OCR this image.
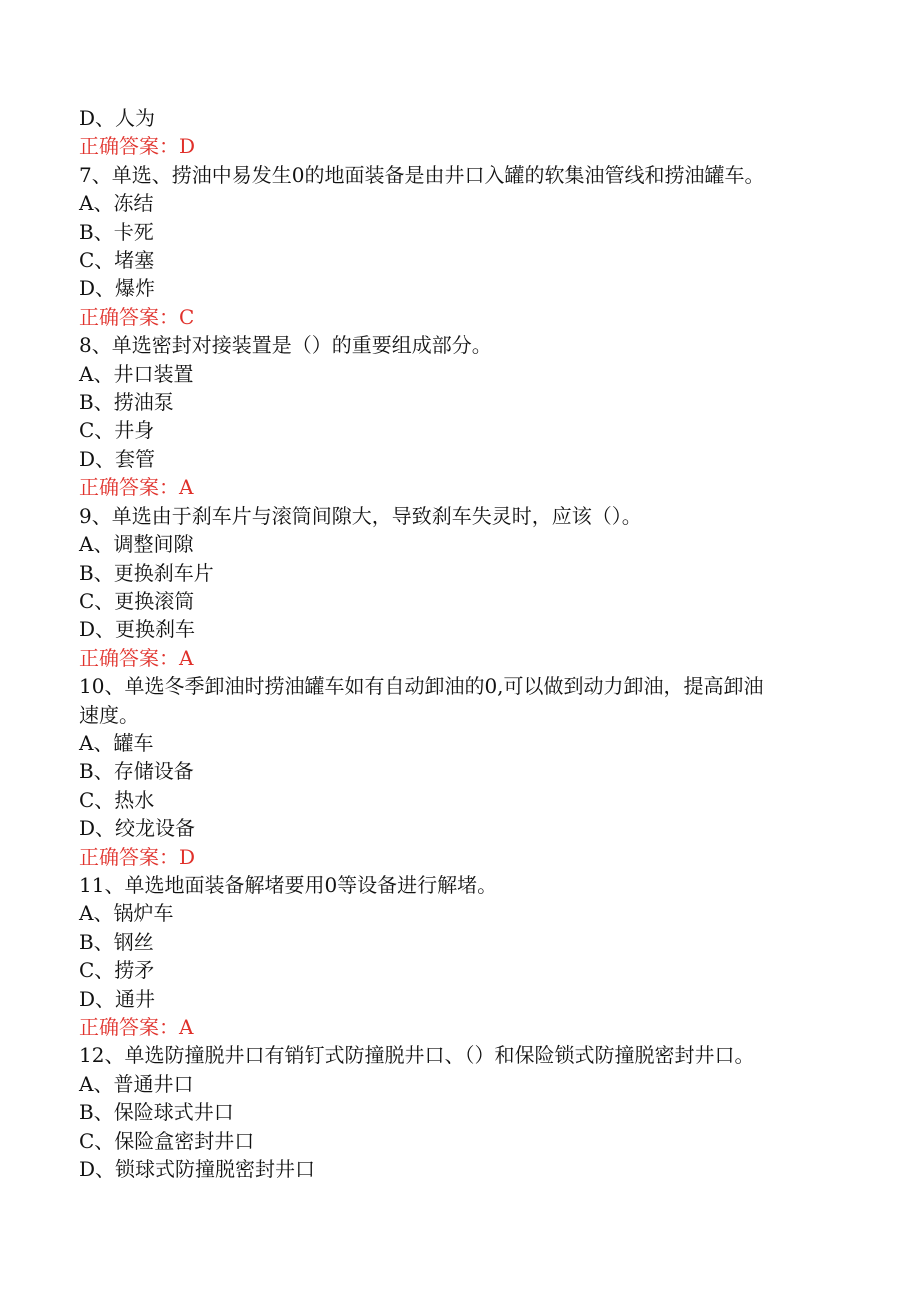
D、人为
正确答案：D
7、单选、捞油中易发生0的地面装备是由井口入罐的软集油管线和捞油罐车。
A、冻结
B、卡死
C、堵塞
D、爆炸
正确答案：C
8、单选密封对接装置是（）的重要组成部分。
A、井口装置
B、捞油泵
C、井身
D、套管
正确答案：A
9、单选由于刹车片与滚筒间隙大，导致刹车失灵时，应该（）。
A、调整间隙
B、更换刹车片
C、更换滚筒
D、更换刹车
正确答案：A
10、单选冬季卸油时捞油罐车如有自动卸油的0,可以做到动力卸油，提高卸油
速度。
A、罐车
B、存储设备
C、热水
D、绞龙设备
正确答案：D
11、单选地面装备解堵要用0等设备进行解堵。
A、锅炉车
B、钢丝
C、捞矛
D、通井
正确答案：A
12、单选防撞脱井口有销钉式防撞脱井口、（）和保险锁式防撞脱密封井口。
A、普通井口
B、保险球式井口
C、保险盒密封井口
D、锁球式防撞脱密封井口
